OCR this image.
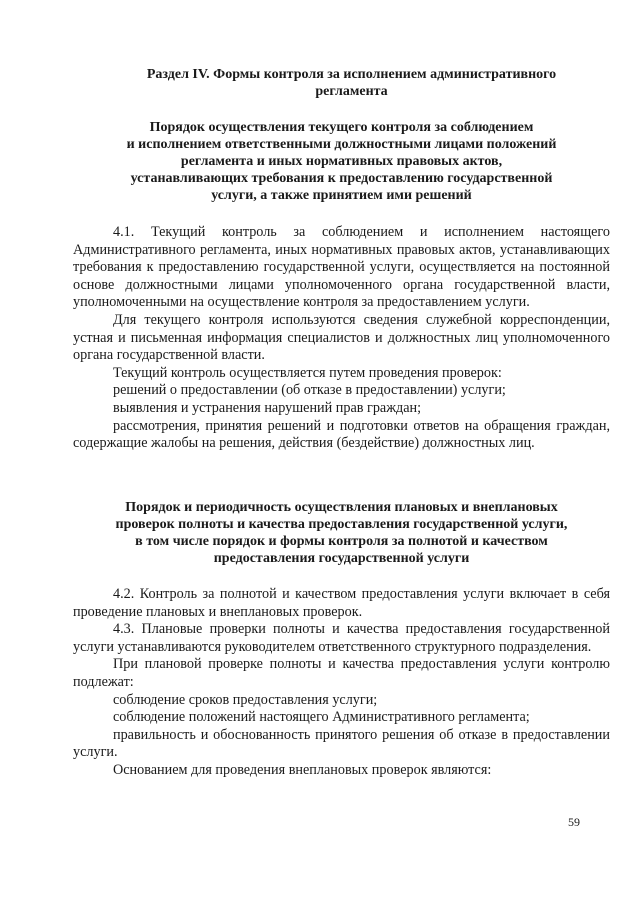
Раздел IV. Формы контроля за исполнением административного

регламента

Порядок осуществления текущего контроля за соблюдением

и исполнением ответственными должностными лицами положений

регламента и иных нормативных правовых актов,

устанавливающих требования к предоставлению государственной

услуги, а также принятием ими решений

4.1. Текущий контроль за соблюдением и исполнением настоящего Административного регламента, иных нормативных правовых актов, устанавливающих требования к предоставлению государственной услуги, осуществляется на постоянной основе должностными лицами уполномоченного органа государственной власти, уполномоченными на осуществление контроля за предоставлением услуги.

Для текущего контроля используются сведения служебной корреспонденции, устная и письменная информация специалистов и должностных лиц уполномоченного органа государственной власти.

Текущий контроль осуществляется путем проведения проверок:

решений о предоставлении (об отказе в предоставлении) услуги;

выявления и устранения нарушений прав граждан;

рассмотрения, принятия решений и подготовки ответов на обращения граждан, содержащие жалобы на решения, действия (бездействие) должностных лиц.

Порядок и периодичность осуществления плановых и внеплановых

проверок полноты и качества предоставления государственной услуги,

в том числе порядок и формы контроля за полнотой и качеством

предоставления государственной услуги

4.2. Контроль за полнотой и качеством предоставления услуги включает в себя проведение плановых и внеплановых проверок.

4.3. Плановые проверки полноты и качества предоставления государственной услуги устанавливаются руководителем ответственного структурного подразделения.

При плановой проверке полноты и качества предоставления услуги контролю подлежат:

соблюдение сроков предоставления услуги;

соблюдение положений настоящего Административного регламента;

правильность и обоснованность принятого решения об отказе в предоставлении услуги.

Основанием для проведения внеплановых проверок являются:

59
